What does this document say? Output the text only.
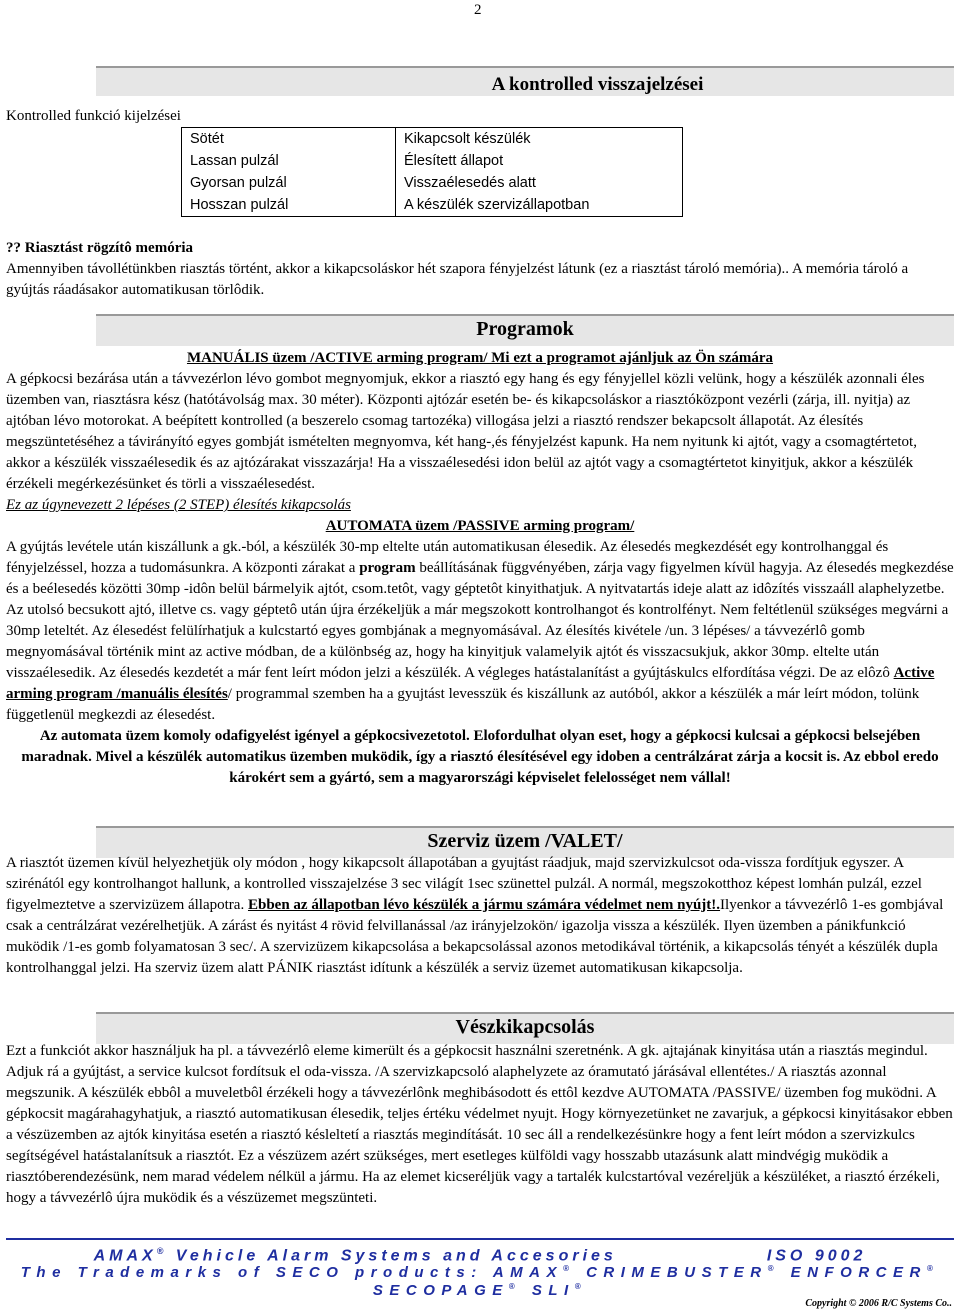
2
A kontrolled visszajelzései
Kontrolled funkció kijelzései
Sötét	Kikapcsolt készülék
Lassan pulzál	Élesített állapot
Gyorsan pulzál	Visszaélesedés alatt
Hosszan pulzál	A készülék szervizállapotban
?? Riasztást rögzítô memória
Amennyiben távollétünkben riasztás történt, akkor a kikapcsoláskor hét szapora fényjelzést látunk (ez a riasztást tároló memória).. A memória tároló a gyújtás ráadásakor automatikusan törlôdik.
Programok
MANUÁLIS üzem /ACTIVE arming program/ Mi ezt a programot ajánljuk az Ön számára
A gépkocsi bezárása után a távvezérlon lévo gombot megnyomjuk, ekkor a riasztó egy hang és egy fényjellel közli velünk, hogy a készülék azonnali éles üzemben van, riasztásra kész (hatótávolság max. 30 méter). Központi ajtózár esetén be- és kikapcsoláskor a riasztóközpont vezérli (zárja, ill. nyitja) az ajtóban lévo motorokat. A beépített kontrolled (a beszerelo csomag tartozéka) villogása jelzi a riasztó rendszer bekapcsolt állapotát. Az élesítés megszüntetéséhez a távirányító egyes gombját ismételten megnyomva, két hang-,és fényjelzést kapunk. Ha nem nyitunk ki ajtót, vagy a csomagtértetot, akkor a készülék visszaélesedik és az ajtózárakat visszazárja! Ha a visszaélesedési idon belül az ajtót vagy a csomagtértetot kinyitjuk, akkor a készülék érzékeli megérkezésünket és törli a visszaélesedést.
Ez az úgynevezett 2 lépéses (2 STEP) élesítés kikapcsolás
AUTOMATA üzem /PASSIVE arming program/
A gyújtás levétele után kiszállunk a gk.-ból, a készülék 30-mp eltelte után automatikusan élesedik. Az élesedés megkezdését egy kontrolhanggal és fényjelzéssel, hozza a tudomásunkra. A központi zárakat a program beállításának függvényében, zárja vagy figyelmen kívül hagyja. Az élesedés megkezdése és a beélesedés közötti 30mp -idôn belül bármelyik ajtót, csom.tetôt, vagy géptetôt kinyithatjuk. A nyitvatartás ideje alatt az idôzítés visszaáll alaphelyzetbe. Az utolsó becsukott ajtó, illetve cs. vagy géptetô után újra érzékeljük a már megszokott kontrolhangot és kontrolfényt. Nem feltétlenül szükséges megvárni a 30mp leteltét. Az élesedést felülírhatjuk a kulcstartó egyes gombjának a megnyomásával. Az élesítés kivétele /un. 3 lépéses/ a távvezérlô gomb megnyomásával történik mint az active módban, de a különbség az, hogy ha kinyitjuk valamelyik ajtót és visszacsukjuk, akkor 30mp. eltelte után visszaélesedik. Az élesedés kezdetét a már fent leírt módon jelzi a készülék. A végleges hatástalanítást a gyújtáskulcs elfordítása végzi. De az elôzô Active arming program /manuális élesítés/ programmal szemben ha a gyujtást levesszük és kiszállunk az autóból, akkor a készülék a már leírt módon, tolünk függetlenül megkezdi az élesedést.
Az automata üzem komoly odafigyelést igényel a gépkocsivezetotol. Elofordulhat olyan eset, hogy a gépkocsi kulcsai a gépkocsi belsejében maradnak. Mivel a készülék automatikus üzemben muködik, így a riasztó élesítésével egy idoben a centrálzárat zárja a kocsit is. Az ebbol eredo károkért sem a gyártó, sem a magyarországi képviselet felelosséget nem vállal!
Szerviz üzem /VALET/
A riasztót üzemen kívül helyezhetjük oly módon , hogy kikapcsolt állapotában a gyujtást ráadjuk, majd szervizkulcsot oda-vissza fordítjuk egyszer. A szirénától egy kontrolhangot hallunk, a kontrolled visszajelzése 3 sec világít 1sec szünettel pulzál. A normál, megszokotthoz képest lomhán pulzál, ezzel figyelmeztetve a szervizüzem állapotra. Ebben az állapotban lévo készülék a jármu számára védelmet nem nyújt!.Ilyenkor a távvezérlô 1-es gombjával csak a centrálzárat vezérelhetjük. A zárást és nyitást 4 rövid felvillanással /az irányjelzokön/ igazolja vissza a készülék. Ilyen üzemben a pánikfunkció muködik /1-es gomb folyamatosan 3 sec/. A szervizüzem kikapcsolása a bekapcsolással azonos metodikával történik, a kikapcsolás tényét a készülék dupla kontrolhanggal jelzi. Ha szerviz üzem alatt PÁNIK riasztást idítunk a készülék a serviz üzemet automatikusan kikapcsolja.
Vészkikapcsolás
Ezt a funkciót akkor használjuk ha pl. a távvezérlô eleme kimerült és a gépkocsit használni szeretnénk. A gk. ajtajának kinyitása után a riasztás megindul. Adjuk rá a gyújtást, a service kulcsot fordítsuk el oda-vissza. /A szervizkapcsoló alaphelyzete az óramutató járásával ellentétes./ A riasztás azonnal megszunik. A készülék ebbôl a muveletbôl érzékeli hogy a távvezérlônk meghibásodott és ettôl kezdve AUTOMATA /PASSIVE/ üzemben fog muködni. A gépkocsit magárahagyhatjuk, a riasztó automatikusan élesedik, teljes értéku védelmet nyujt. Hogy környezetünket ne zavarjuk, a gépkocsi kinyitásakor ebben a vészüzemben az ajtók kinyitása esetén a riasztó késleltetí a riasztás megindítását. 10 sec áll a rendelkezésünkre hogy a fent leírt módon a szervizkulcs segítségével hatástalanítsuk a riasztót. Ez a vészüzem azért szükséges, mert esetleges külföldi vagy hosszabb utazásunk alatt mindvégig muködik a riasztóberendezésünk, nem marad védelem nélkül a jármu. Ha az elemet kicseréljük vagy a tartalék kulcstartóval vezéreljük a készüléket, a riasztó érzékeli, hogy a távvezérlô újra muködik és a vészüzemet megszünteti.
AMAX® Vehicle Alarm Systems and Accesories	ISO 9002
The Trademarks of SECO products: AMAX® CRIMEBUSTER® ENFORCER®
SECOPAGE® SLI®
Copyright © 2006 R/C Systems Co..
